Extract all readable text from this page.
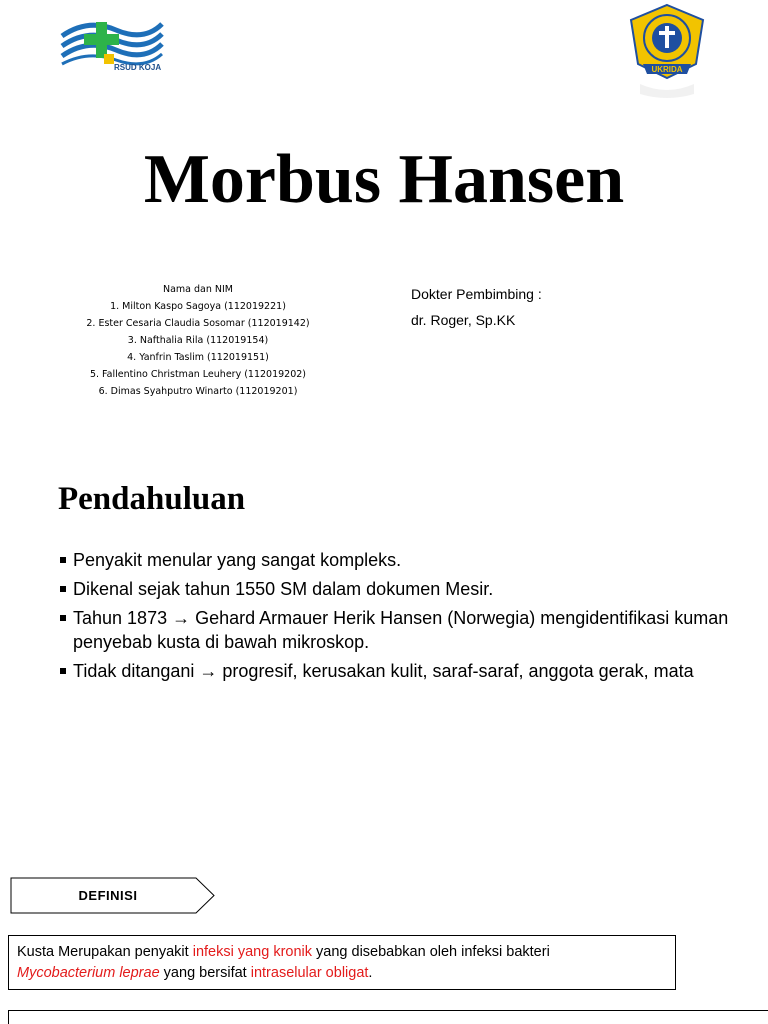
RSUD KOJA	UKRIDA
Morbus Hansen
Nama dan NIM
1. Milton Kaspo Sagoya (112019221)
2. Ester Cesaria Claudia Sosomar (112019142)
3. Nafthalia Rila (112019154)
4. Yanfrin Taslim (112019151)
5. Fallentino Christman Leuhery (112019202)
6. Dimas Syahputro Winarto (112019201)
Dokter Pembimbing :
dr. Roger, Sp.KK
Pendahuluan
Penyakit menular yang sangat kompleks.
Dikenal sejak tahun 1550 SM dalam dokumen Mesir.
Tahun 1873 → Gehard Armauer Herik Hansen (Norwegia) mengidentifikasi kuman penyebab kusta di bawah mikroskop.
Tidak ditangani → progresif, kerusakan kulit, saraf-saraf, anggota gerak, mata
DEFINISI
Kusta Merupakan penyakit infeksi yang kronik yang disebabkan oleh infeksi bakteri
Mycobacterium leprae yang bersifat intraselular obligat.
